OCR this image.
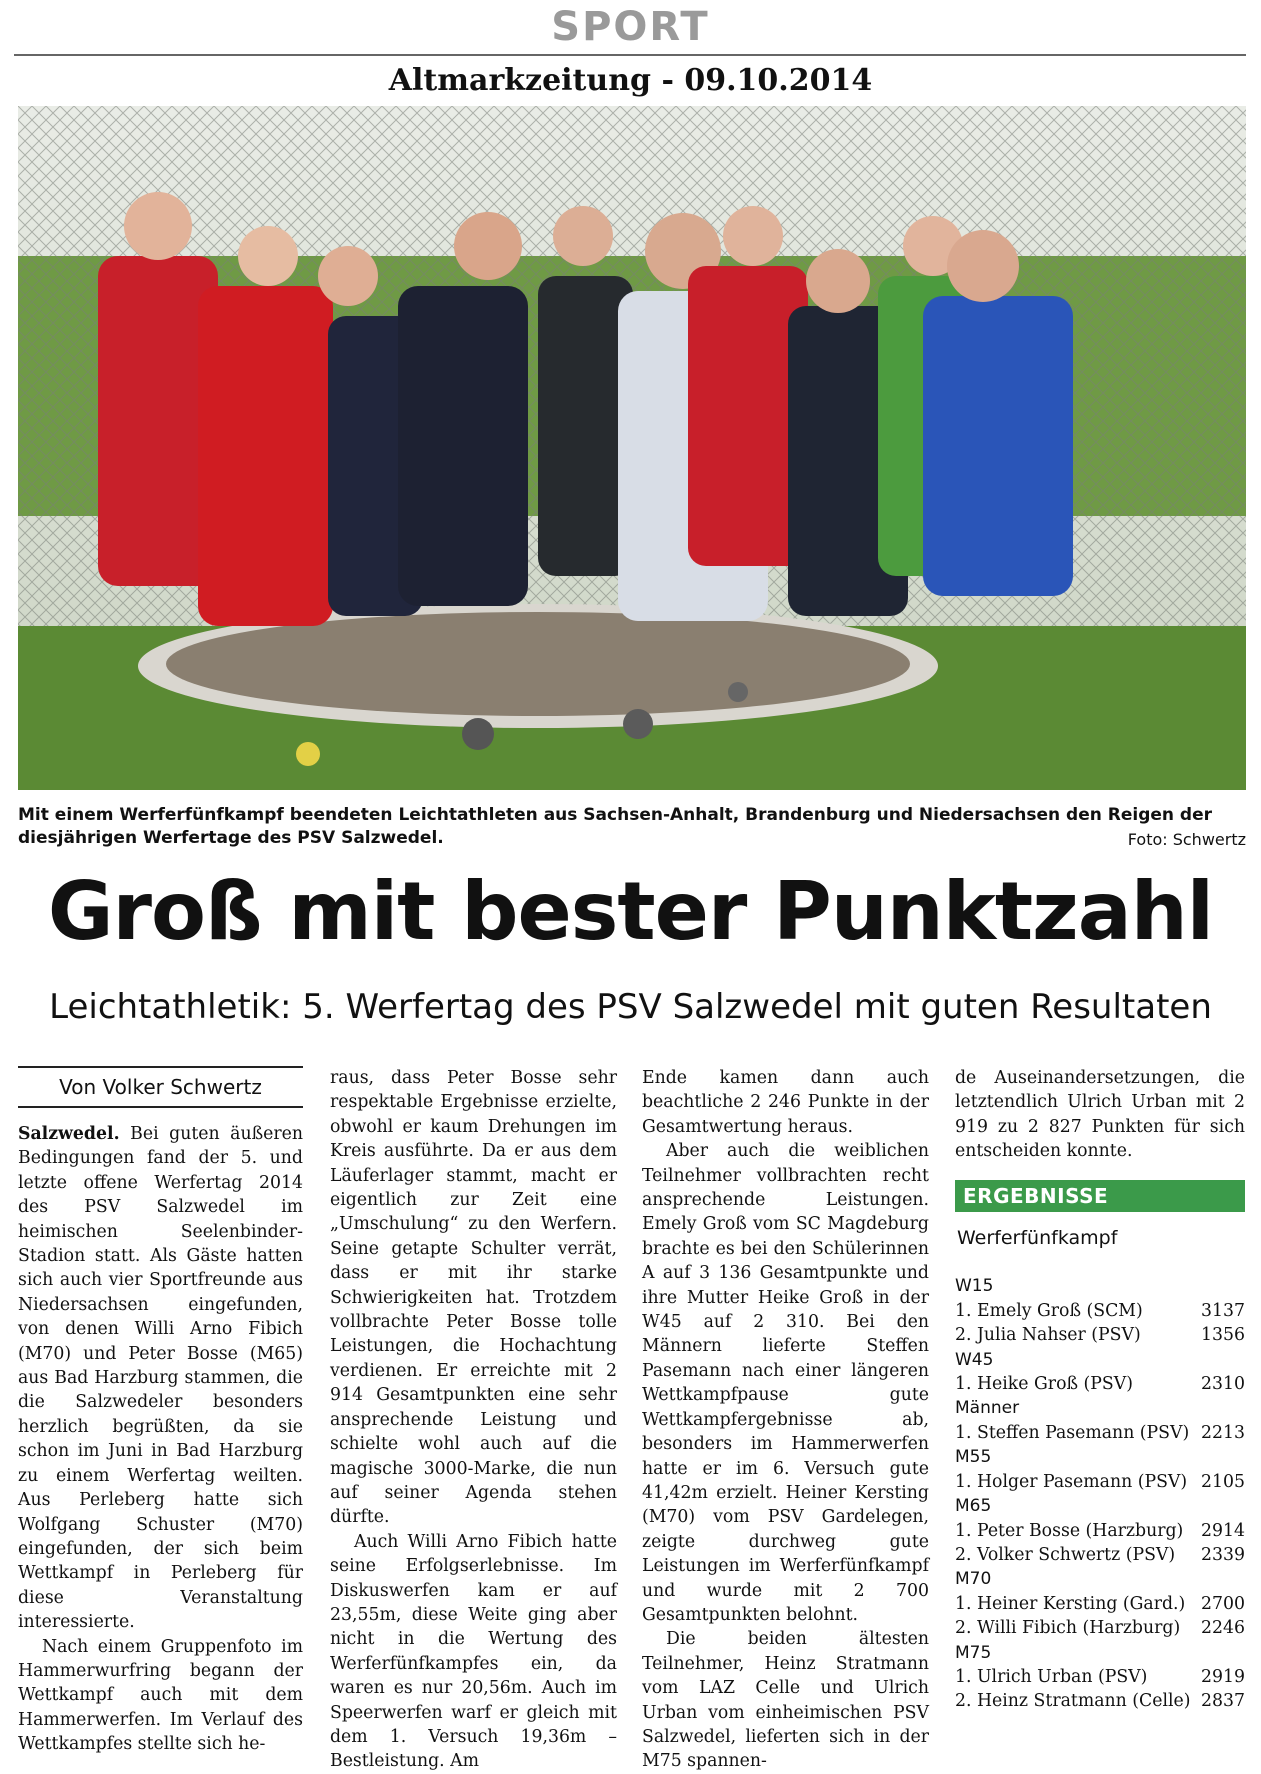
SPORT
Altmarkzeitung - 09.10.2014
Mit einem Werferfünfkampf beendeten Leichtathleten aus Sachsen-Anhalt, Brandenburg und Niedersachsen den Reigen der diesjährigen Werfertage des PSV Salzwedel.	Foto: Schwertz
Groß mit bester Punktzahl
Leichtathletik: 5. Werfertag des PSV Salzwedel mit guten Resultaten

Von Volker Schwertz

Salzwedel. Bei guten äußeren Bedingungen fand der 5. und letzte offene Werfertag 2014 des PSV Salzwedel im heimischen Seelenbinder-Stadion statt. Als Gäste hatten sich auch vier Sportfreunde aus Niedersachsen eingefunden, von denen Willi Arno Fibich (M70) und Peter Bosse (M65) aus Bad Harzburg stammen, die die Salzwedeler besonders herzlich begrüßten, da sie schon im Juni in Bad Harzburg zu einem Werfertag weilten. Aus Perleberg hatte sich Wolfgang Schuster (M70) eingefunden, der sich beim Wettkampf in Perleberg für diese Veranstaltung interessierte.

Nach einem Gruppenfoto im Hammerwurfring begann der Wettkampf auch mit dem Hammerwerfen. Im Verlauf des Wettkampfes stellte sich he-

raus, dass Peter Bosse sehr respektable Ergebnisse erzielte, obwohl er kaum Drehungen im Kreis ausführte. Da er aus dem Läuferlager stammt, macht er eigentlich zur Zeit eine „Umschulung“ zu den Werfern. Seine getapte Schulter verrät, dass er mit ihr starke Schwierigkeiten hat. Trotzdem vollbrachte Peter Bosse tolle Leistungen, die Hochachtung verdienen. Er erreichte mit 2 914 Gesamtpunkten eine sehr ansprechende Leistung und schielte wohl auch auf die magische 3000-Marke, die nun auf seiner Agenda stehen dürfte.

Auch Willi Arno Fibich hatte seine Erfolgserlebnisse. Im Diskuswerfen kam er auf 23,55m, diese Weite ging aber nicht in die Wertung des Werferfünfkampfes ein, da waren es nur 20,56m. Auch im Speerwerfen warf er gleich mit dem 1. Versuch 19,36m – Bestleistung. Am

Ende kamen dann auch beachtliche 2 246 Punkte in der Gesamtwertung heraus.

Aber auch die weiblichen Teilnehmer vollbrachten recht ansprechende Leistungen. Emely Groß vom SC Magdeburg brachte es bei den Schülerinnen A auf 3 136 Gesamtpunkte und ihre Mutter Heike Groß in der W45 auf 2 310. Bei den Männern lieferte Steffen Pasemann nach einer längeren Wettkampfpause gute Wettkampfergebnisse ab, besonders im Hammerwerfen hatte er im 6. Versuch gute 41,42m erzielt. Heiner Kersting (M70) vom PSV Gardelegen, zeigte durchweg gute Leistungen im Werferfünfkampf und wurde mit 2 700 Gesamtpunkten belohnt.

Die beiden ältesten Teilnehmer, Heinz Stratmann vom LAZ Celle und Ulrich Urban vom einheimischen PSV Salzwedel, lieferten sich in der M75 spannen-

de Auseinandersetzungen, die letztendlich Ulrich Urban mit 2 919 zu 2 827 Punkten für sich entscheiden konnte.

ERGEBNISSE
Werferfünfkampf
W15
1. Emely Groß (SCM)	3137
2. Julia Nahser (PSV)	1356
W45
1. Heike Groß (PSV)	2310
Männer
1. Steffen Pasemann (PSV) 2213
M55
1. Holger Pasemann (PSV) 2105
M65
1. Peter Bosse (Harzburg) 2914
2. Volker Schwertz (PSV) 2339
M70
1. Heiner Kersting (Gard.) 2700
2. Willi Fibich (Harzburg) 2246
M75
1. Ulrich Urban (PSV)	2919
2. Heinz Stratmann (Celle) 2837
